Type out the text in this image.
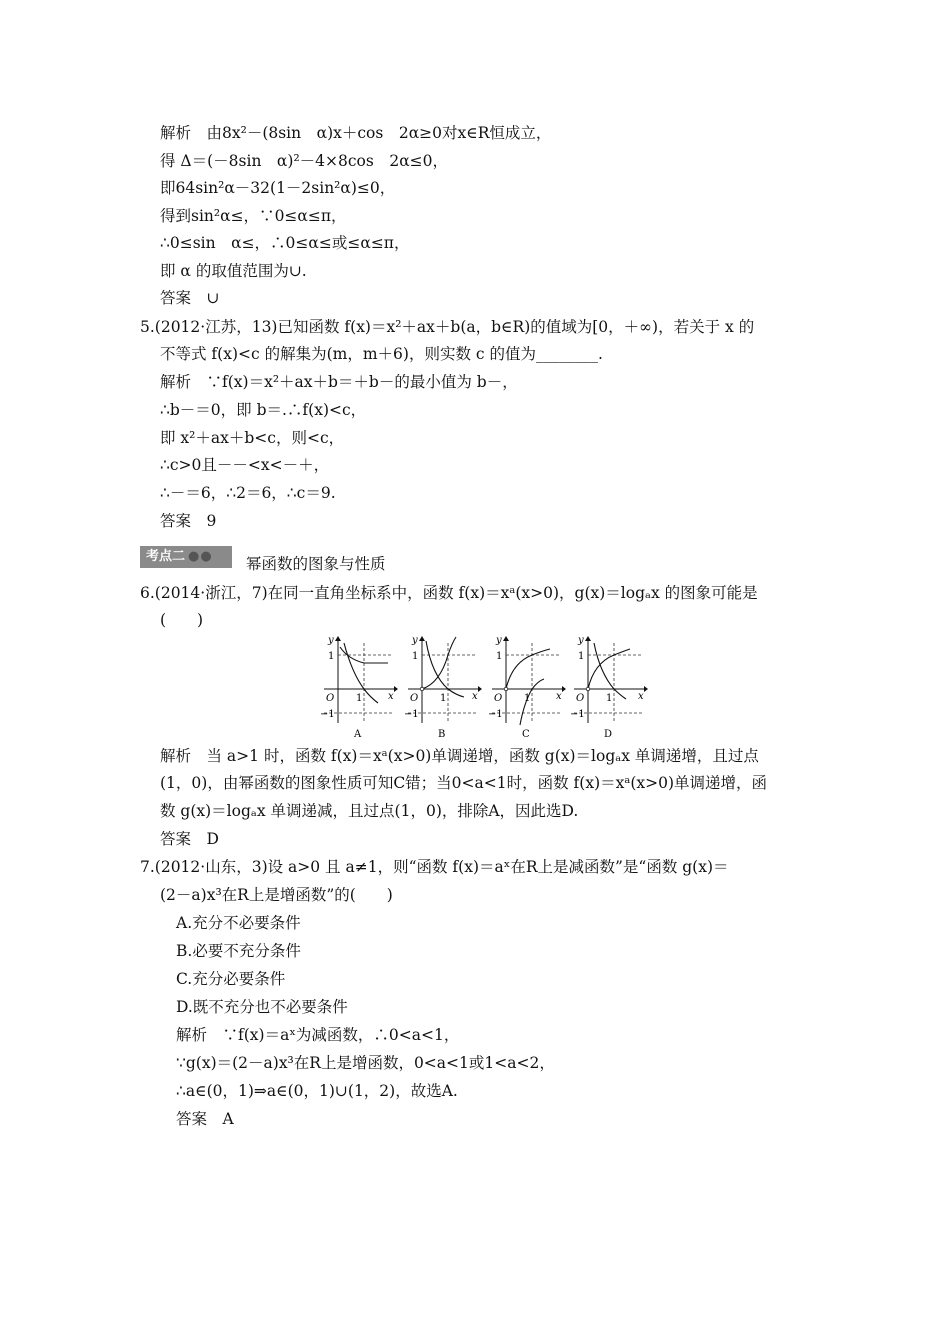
解析　由8x²－(8sin　α)x＋cos　2α≥0对x∈R恒成立，
得 Δ＝(－8sin　α)²－4×8cos　2α≤0，
即64sin²α－32(1－2sin²α)≤0，
得到sin²α≤，∵0≤α≤π，
∴0≤sin　α≤，∴0≤α≤或≤α≤π，
即 α 的取值范围为∪.
答案　∪
5.(2012·江苏，13)已知函数 f(x)＝x²＋ax＋b(a，b∈R)的值域为[0，＋∞)，若关于 x 的
不等式 f(x)<c 的解集为(m，m＋6)，则实数 c 的值为________.
解析　∵f(x)＝x²＋ax＋b＝＋b－的最小值为 b－，
∴b－＝0，即 b＝.∴f(x)<c，
即 x²＋ax＋b<c，则<c，
∴c>0且－－<x<－＋，
∴－＝6，∴2＝6，∴c＝9.
答案　9
考点二 ●●	幂函数的图象与性质
6.(2014·浙江，7)在同一直角坐标系中，函数 f(x)＝xᵃ(x>0)，g(x)＝logₐx 的图象可能是
(　　)
y
1
O 1	x
−1
A
y
1
O 1	x
−1
B
y
1
O 1	x
−1
C
y
1
O 1	x
−1
D
解析　当 a>1 时，函数 f(x)＝xᵃ(x>0)单调递增，函数 g(x)＝logₐx 单调递增，且过点
(1，0)，由幂函数的图象性质可知C错；当0<a<1时，函数 f(x)＝xᵃ(x>0)单调递增，函
数 g(x)＝logₐx 单调递减，且过点(1，0)，排除A，因此选D.
答案　D
7.(2012·山东，3)设 a>0 且 a≠1，则“函数 f(x)＝aˣ在R上是减函数”是“函数 g(x)＝
(2－a)x³在R上是增函数”的(　　)
A.充分不必要条件
B.必要不充分条件
C.充分必要条件
D.既不充分也不必要条件
解析　∵f(x)＝aˣ为减函数，∴0<a<1，
∵g(x)＝(2－a)x³在R上是增函数，0<a<1或1<a<2，
∴a∈(0，1)⇒a∈(0，1)∪(1，2)，故选A.
答案　A
